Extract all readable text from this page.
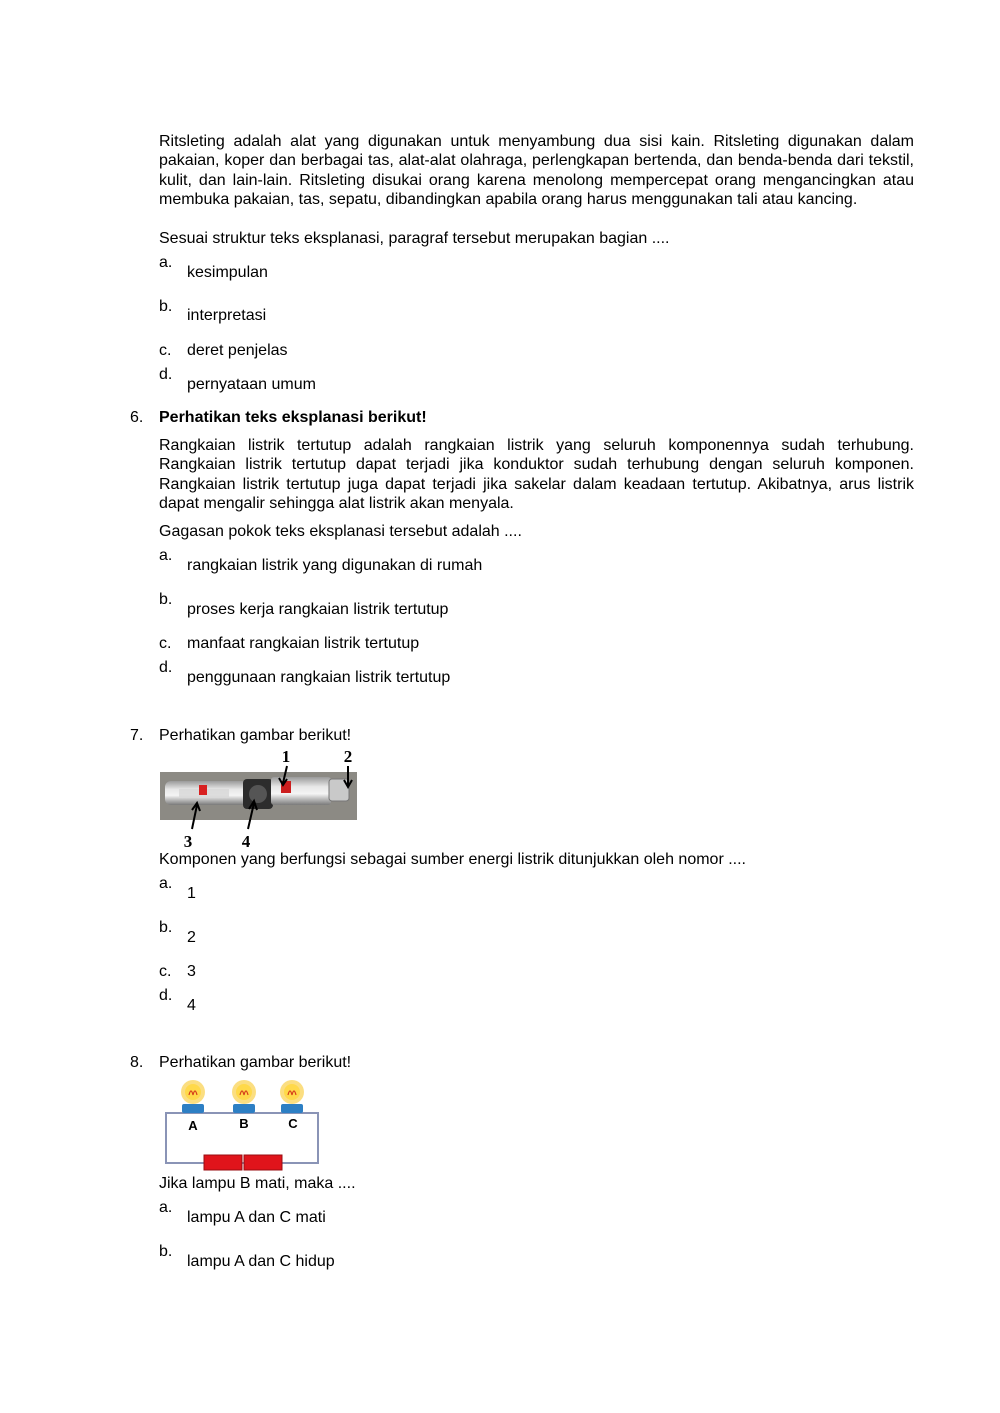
Ritsleting adalah alat yang digunakan untuk menyambung dua sisi kain. Ritsleting digunakan dalam pakaian, koper dan berbagai tas, alat-alat olahraga, perlengkapan bertenda, dan benda-benda dari tekstil, kulit, dan lain-lain. Ritsleting disukai orang karena menolong mempercepat orang mengancingkan atau membuka pakaian, tas, sepatu, dibandingkan apabila orang harus menggunakan tali atau kancing.
Sesuai struktur teks eksplanasi, paragraf tersebut merupakan bagian ....
a.
kesimpulan
b.
interpretasi
c. deret penjelas
d.
pernyataan umum
6. Perhatikan teks eksplanasi berikut!
Rangkaian listrik tertutup adalah rangkaian listrik yang seluruh komponennya sudah terhubung. Rangkaian listrik tertutup dapat terjadi jika konduktor sudah terhubung dengan seluruh komponen. Rangkaian listrik tertutup juga dapat terjadi jika sakelar dalam keadaan tertutup. Akibatnya, arus listrik dapat mengalir sehingga alat listrik akan menyala.
Gagasan pokok teks eksplanasi tersebut adalah ....
a.
rangkaian listrik yang digunakan di rumah
b.
proses kerja rangkaian listrik tertutup
c. manfaat rangkaian listrik tertutup
d.
penggunaan rangkaian listrik tertutup
7. Perhatikan gambar berikut!
1	2
3	4
Komponen yang berfungsi sebagai sumber energi listrik ditunjukkan oleh nomor ....
a.
1
b.
2
c. 3
d.
4
8. Perhatikan gambar berikut!
A	B	C
Jika lampu B mati, maka ....
a.
lampu A dan C mati
b.
lampu A dan C hidup
